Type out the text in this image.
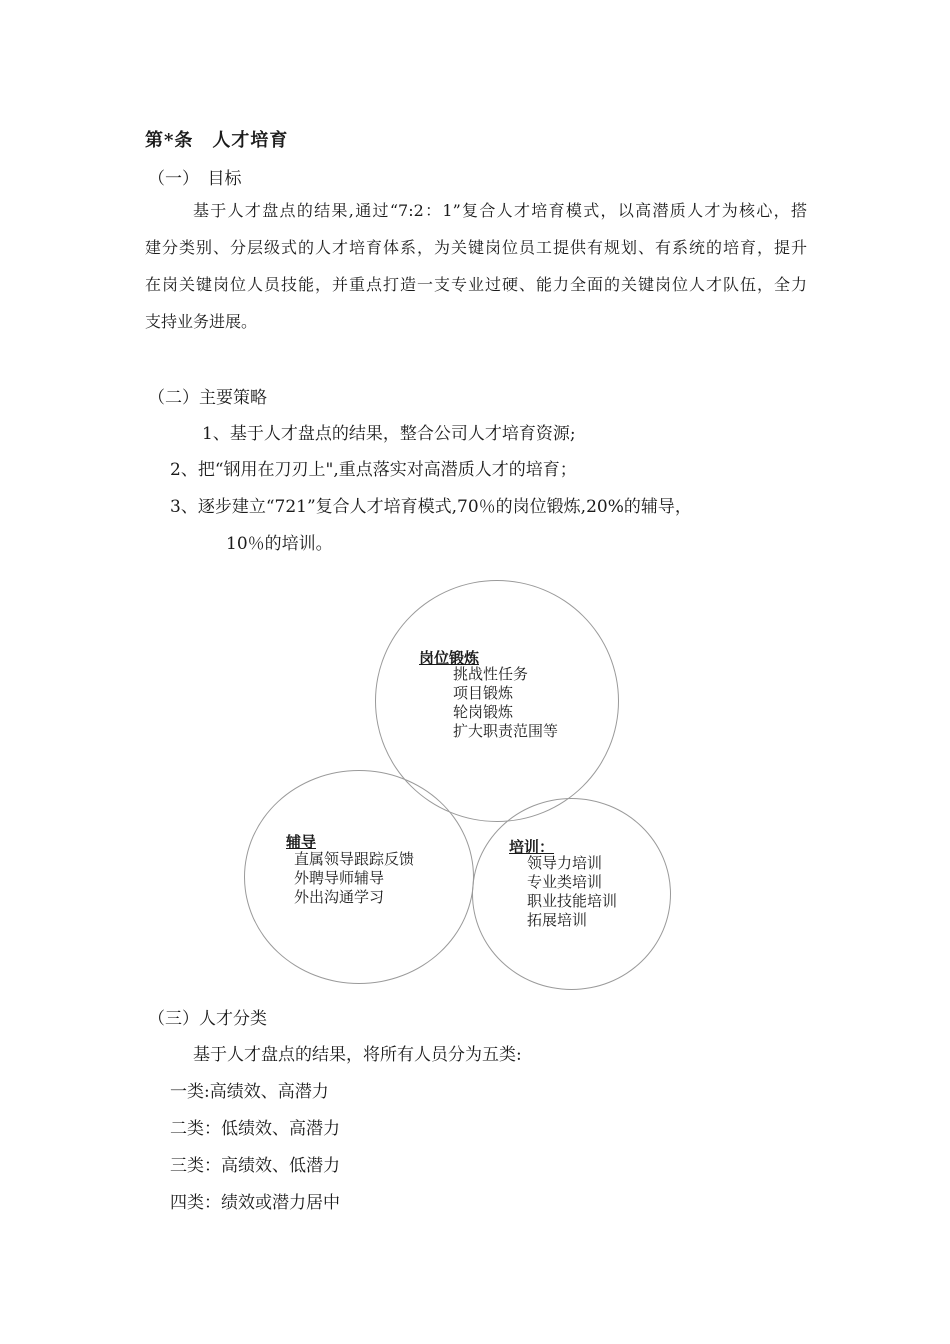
第*条　人才培育
（一）　目标
基于人才盘点的结果,通过“7:2：1”复合人才培育模式，以高潜质人才为核心，搭
建分类别、分层级式的人才培育体系，为关键岗位员工提供有规划、有系统的培育，提升
在岗关键岗位人员技能，并重点打造一支专业过硬、能力全面的关键岗位人才队伍，全力
支持业务进展。
（二）主要策略
1、基于人才盘点的结果，整合公司人才培育资源;
2、把“钢用在刀刃上",重点落实对高潜质人才的培育；
3、逐步建立“721”复合人才培育模式,70％的岗位锻炼,20%的辅导，
10％的培训。
岗位锻炼
挑战性任务
项目锻炼
轮岗锻炼
扩大职责范围等
辅导
直属领导跟踪反馈
外聘导师辅导
外出沟通学习
培训：
领导力培训
专业类培训
职业技能培训
拓展培训
（三）人才分类
基于人才盘点的结果，将所有人员分为五类:
一类:高绩效、高潜力
二类：低绩效、高潜力
三类：高绩效、低潜力
四类：绩效或潜力居中
